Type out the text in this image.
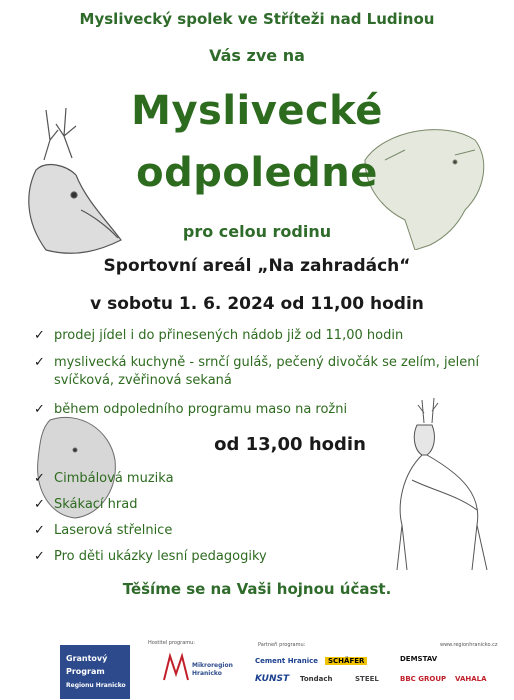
Myslivecký spolek ve Stříteži nad Ludinou
Vás zve na
Myslivecké
odpoledne
pro celou rodinu
Sportovní areál „Na zahradách“
v sobotu 1. 6. 2024 od 11,00 hodin
✓ prodej jídel i do přinesených nádob již od 11,00 hodin
✓ myslivecká kuchyně - srnčí guláš, pečený divočák se zelím, jelení svíčková, zvěřinová sekaná
✓ během odpoledního programu maso na rožni
od 13,00 hodin
✓ Cimbálová muzika
✓ Skákací hrad
✓ Laserová střelnice
✓ Pro děti ukázky lesní pedagogiky
Těšíme se na Vaši hojnou účast.
Hostitel programu:
Grantový
Program
Regionu Hranicko
Mikroregion
Hranicko
Partneři programu:	www.regionhranicko.cz
Cement Hranice	SCHÄFER	DEMSTAV
KUNST Tondach	STEEL	BBC GROUP VAHALA
